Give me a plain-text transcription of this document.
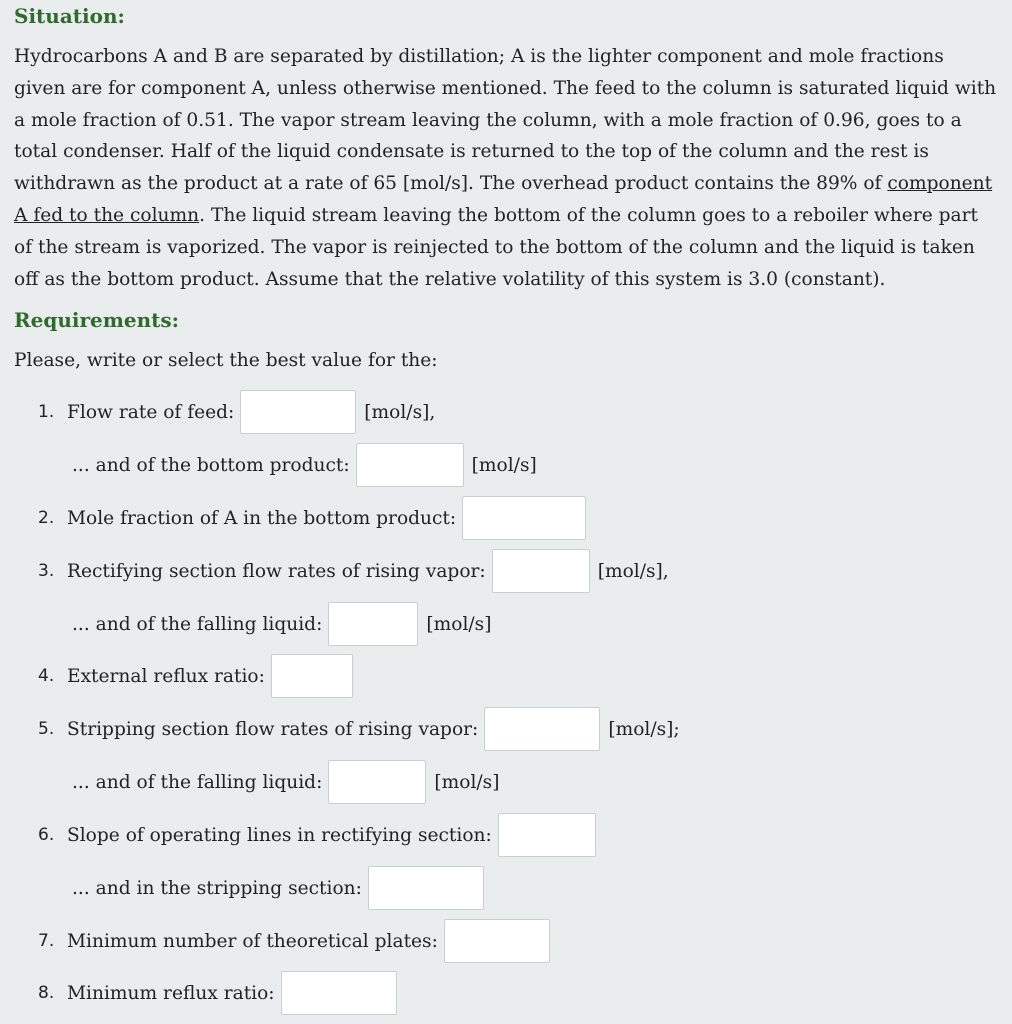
Situation:

Hydrocarbons A and B are separated by distillation; A is the lighter component and mole fractions given are for component A, unless otherwise mentioned. The feed to the column is saturated liquid with a mole fraction of 0.51. The vapor stream leaving the column, with a mole fraction of 0.96, goes to a total condenser. Half of the liquid condensate is returned to the top of the column and the rest is withdrawn as the product at a rate of 65 [mol/s]. The overhead product contains the 89% of component A fed to the column. The liquid stream leaving the bottom of the column goes to a reboiler where part of the stream is vaporized. The vapor is reinjected to the bottom of the column and the liquid is taken off as the bottom product. Assume that the relative volatility of this system is 3.0 (constant).

Requirements:

Please, write or select the best value for the:

1. Flow rate of feed:	[mol/s],
... and of the bottom product:	[mol/s]
2. Mole fraction of A in the bottom product:
3. Rectifying section flow rates of rising vapor:	[mol/s],
... and of the falling liquid:	[mol/s]
4. External reflux ratio:
5. Stripping section flow rates of rising vapor:	[mol/s];
... and of the falling liquid:	[mol/s]
6. Slope of operating lines in rectifying section:
... and in the stripping section:
7. Minimum number of theoretical plates:
8. Minimum reflux ratio:
